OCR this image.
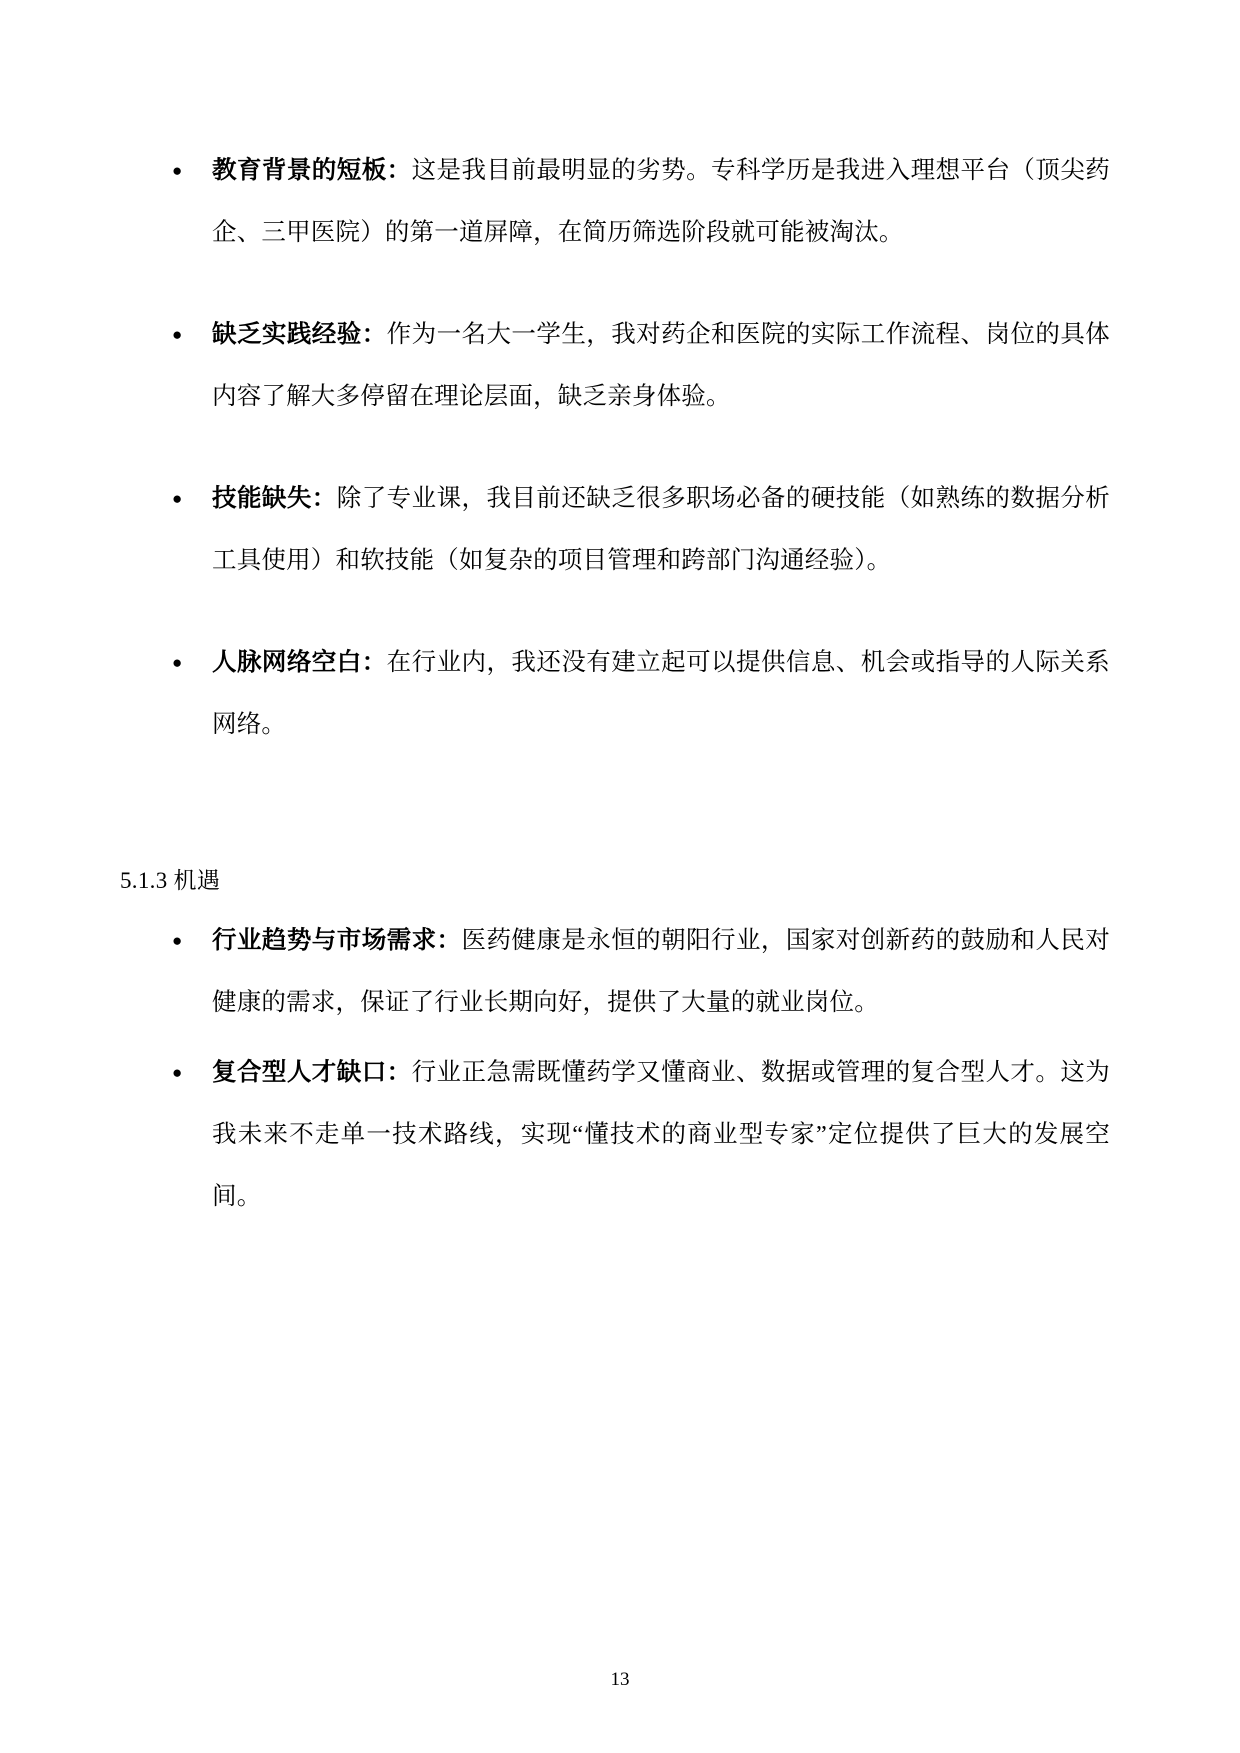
●
教育背景的短板：这是我目前最明显的劣势。专科学历是我进入理想平台（顶尖药企、三甲医院）的第一道屏障，在简历筛选阶段就可能被淘汰。
●
缺乏实践经验：作为一名大一学生，我对药企和医院的实际工作流程、岗位的具体内容了解大多停留在理论层面，缺乏亲身体验。
●
技能缺失：除了专业课，我目前还缺乏很多职场必备的硬技能（如熟练的数据分析工具使用）和软技能（如复杂的项目管理和跨部门沟通经验）。
●
人脉网络空白：在行业内，我还没有建立起可以提供信息、机会或指导的人际关系网络。
5.1.3 机遇
●
行业趋势与市场需求：医药健康是永恒的朝阳行业，国家对创新药的鼓励和人民对健康的需求，保证了行业长期向好，提供了大量的就业岗位。
●
复合型人才缺口：行业正急需既懂药学又懂商业、数据或管理的复合型人才。这为我未来不走单一技术路线，实现“懂技术的商业型专家”定位提供了巨大的发展空间。
13
